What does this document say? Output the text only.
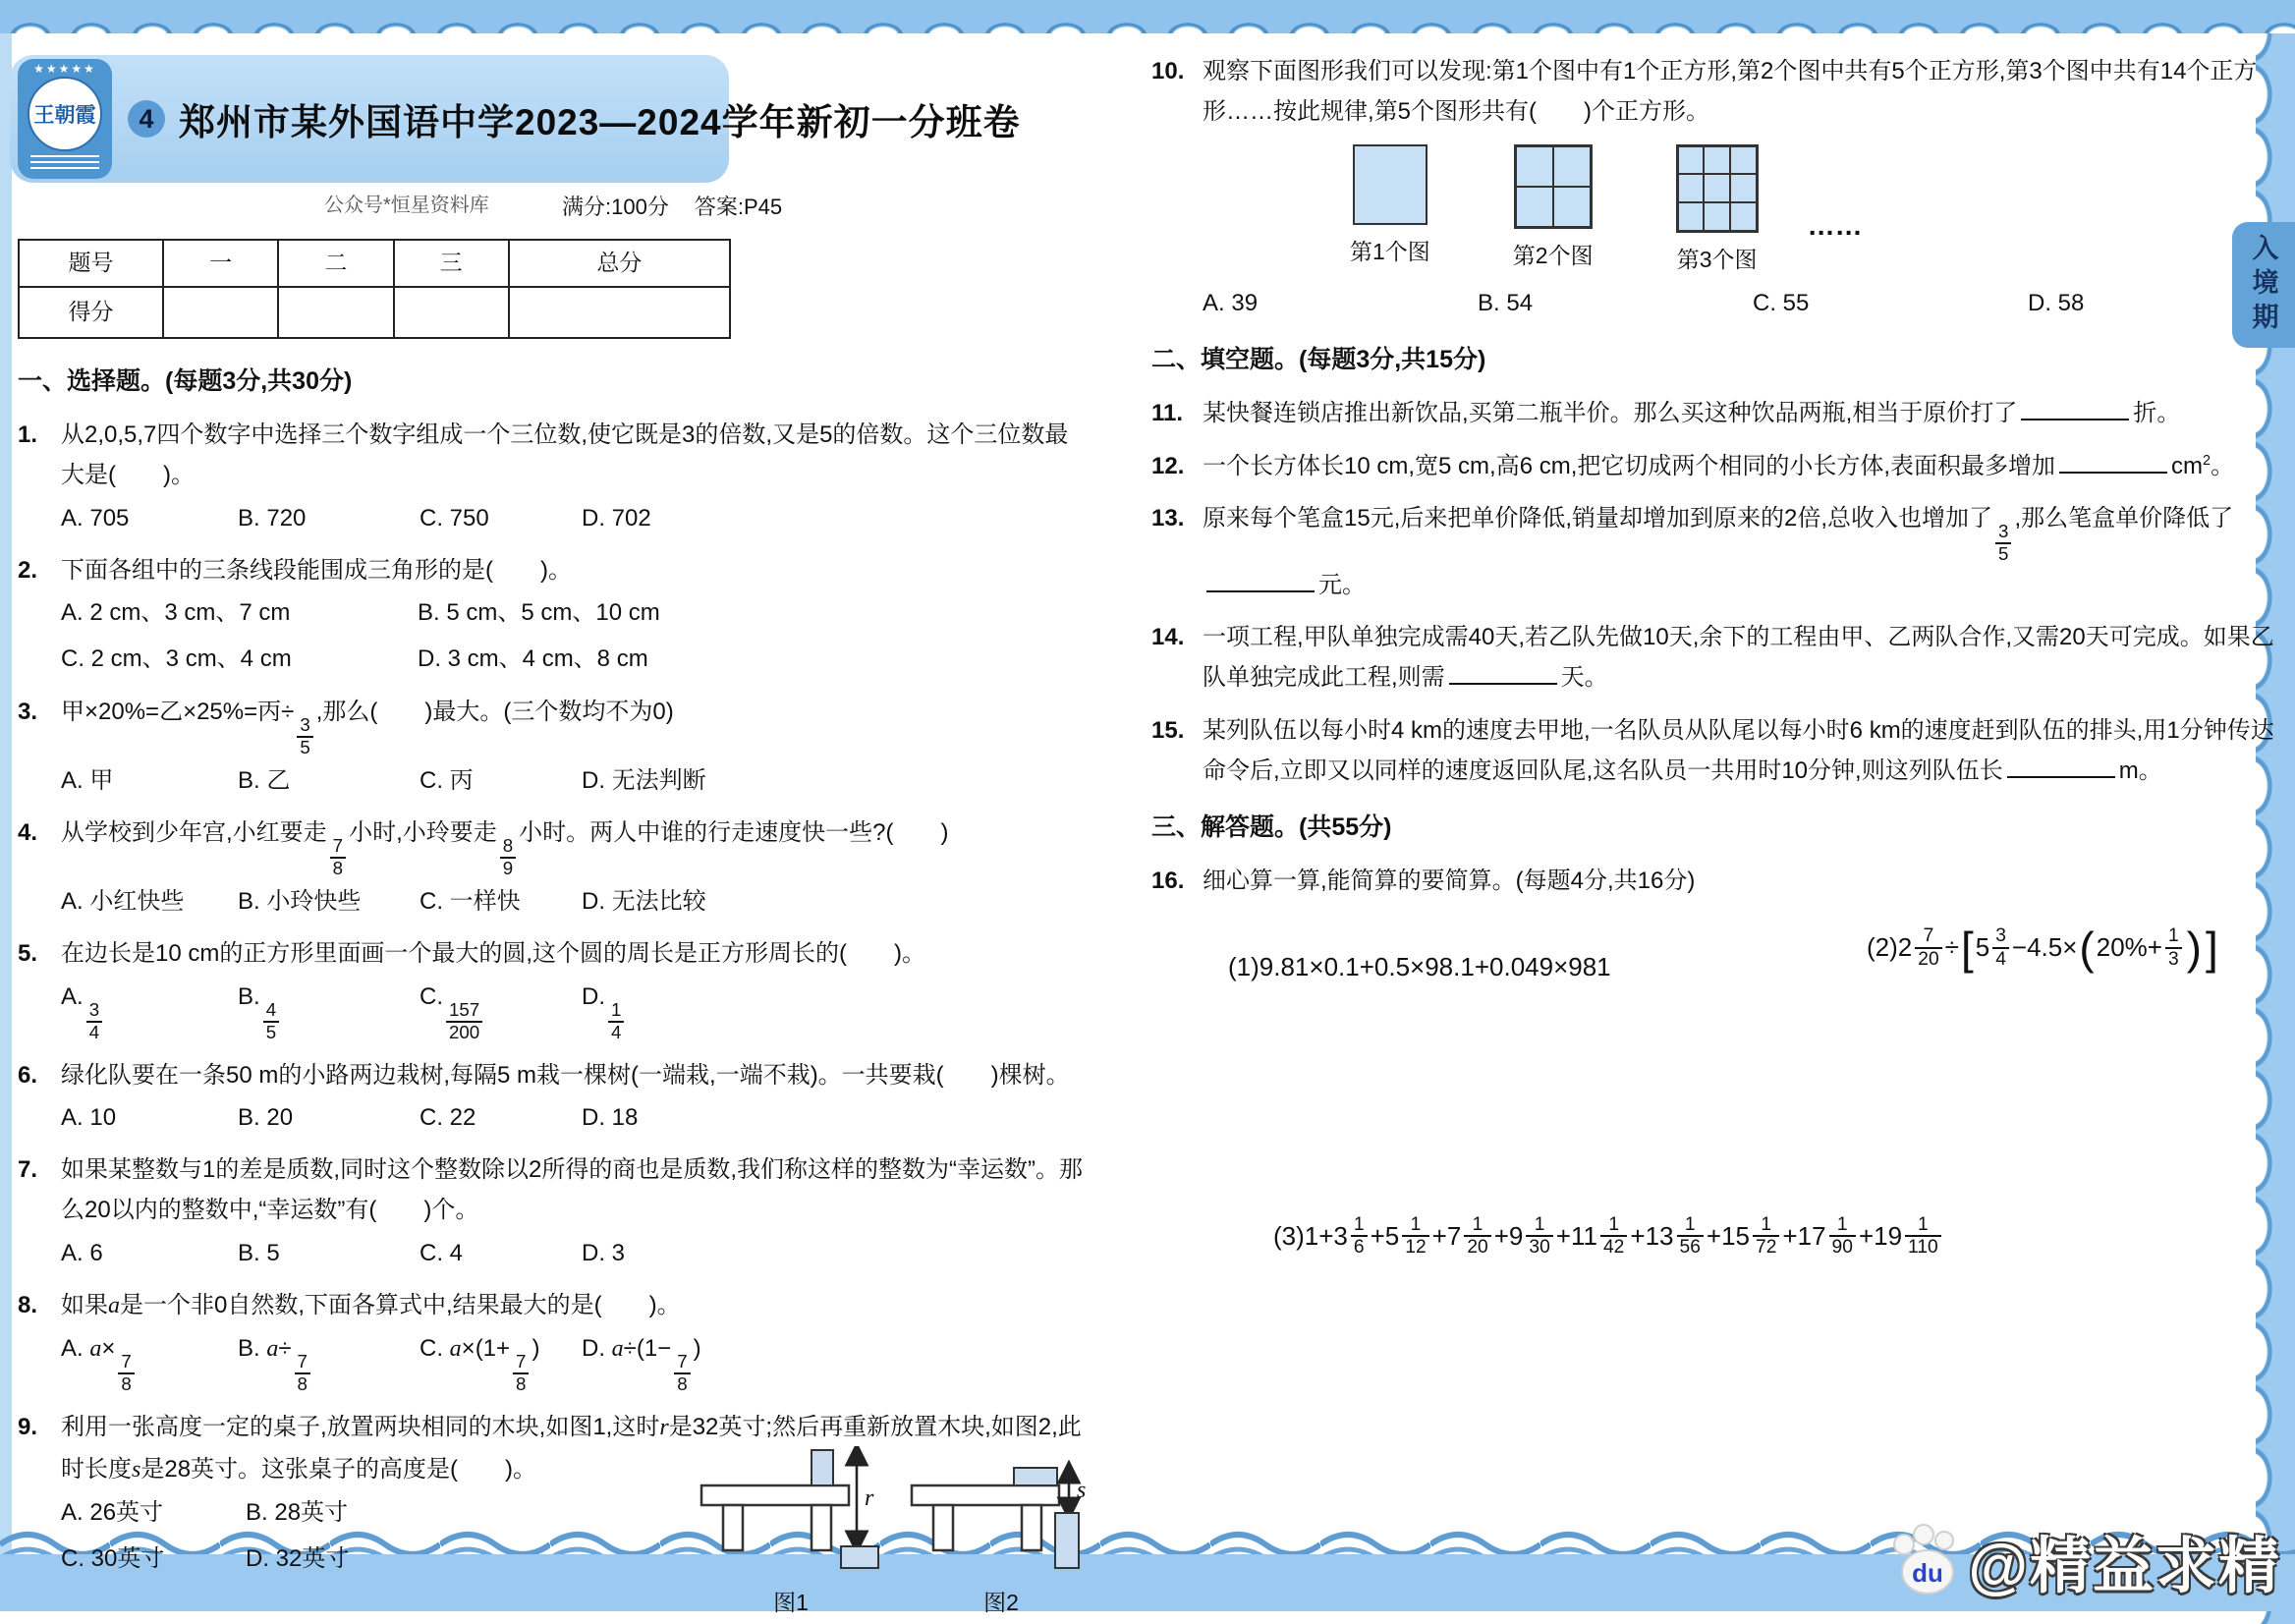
入境期
★★★★★
王朝霞	4 郑州市某外国语中学2023—2024学年新初一分班卷
公众号*恒星资料库	满分:100分 答案:P45
题号	一	二	三	总分
得分				
一、选择题。(每题3分,共30分)
1. 从2,0,5,7四个数字中选择三个数字组成一个三位数,使它既是3的倍数,又是5的倍数。这个三位数最大是(　　)。
A. 705	B. 720	C. 750	D. 702
2. 下面各组中的三条线段能围成三角形的是(　　)。
A. 2 cm、3 cm、7 cm	B. 5 cm、5 cm、10 cm
C. 2 cm、3 cm、4 cm	D. 3 cm、4 cm、8 cm
3. 甲×20%=乙×25%=丙÷
$\frac{3}{5}$
,那么(　　)最大。(三个数均不为0)
A. 甲	B. 乙	C. 丙	D. 无法判断
4. 从学校到少年宫,小红要走
$\frac{7}{8}$
小时,小玲要走
$\frac{8}{9}$
小时。两人中谁的行走速度快一些?(　　)
A. 小红快些	B. 小玲快些	C. 一样快	D. 无法比较
5. 在边长是10 cm的正方形里面画一个最大的圆,这个圆的周长是正方形周长的(　　)。
A.
$\frac{3}{4}$
B.
$\frac{4}{5}$
C.
$\frac{157}{200}$
D.
$\frac{1}{4}$
6. 绿化队要在一条50 m的小路两边栽树,每隔5 m栽一棵树(一端栽,一端不栽)。一共要栽(　　)棵树。
A. 10	B. 20	C. 22	D. 18
7. 如果某整数与1的差是质数,同时这个整数除以2所得的商也是质数,我们称这样的整数为“幸运数”。那么20以内的整数中,“幸运数”有(　　)个。
A. 6	B. 5	C. 4	D. 3
8. 如果a是一个非0自然数,下面各算式中,结果最大的是(　　)。
A. a×
$\frac{7}{8}$
B. a÷
$\frac{7}{8}$
C. a×(1+
$\frac{7}{8}$
)	D. a÷(1−
$\frac{7}{8}$
)
9. 利用一张高度一定的桌子,放置两块相同的木块,如图1,这时r是32英寸;然后再重新放置木块,如图2,此时长度s是28英寸。这张桌子的高度是(　　)。
A. 26英寸	B. 28英寸
C. 30英寸	D. 32英寸
r
图1
s
图2
10. 观察下面图形我们可以发现:第1个图中有1个正方形,第2个图中共有5个正方形,第3个图中共有14个正方形……按此规律,第5个图形共有(　　)个正方形。
第1个图	第2个图	第3个图
……
A. 39	B. 54	C. 55	D. 58
二、填空题。(每题3分,共15分)
11. 某快餐连锁店推出新饮品,买第二瓶半价。那么买这种饮品两瓶,相当于原价打了	折。
12. 一个长方体长10 cm,宽5 cm,高6 cm,把它切成两个相同的小长方体,表面积最多增加	$cm^2$。
13. 原来每个笔盒15元,后来把单价降低,销量却增加到原来的2倍,总收入也增加了
$\frac{3}{5}$
,那么笔盒单价降低了元。
14. 一项工程,甲队单独完成需40天,若乙队先做10天,余下的工程由甲、乙两队合作,又需20天可完成。如果乙队单独完成此工程,则需	天。
15. 某列队伍以每小时4 km的速度去甲地,一名队员从队尾以每小时6 km的速度赶到队伍的排头,用1分钟传达命令后,立即又以同样的速度返回队尾,这名队员一共用时10分钟,则这列队伍长	m。
三、解答题。(共55分)
16. 细心算一算,能简算的要简算。(每题4分,共16分)
(1) 9.81×0.1+0.5×98.1+0.049×981
(2) $2 \frac{7}{20}$ ÷ [ $5 \frac{3}{4} -4.5\times$ ( $20\%+ \frac{1}{3}$ ) ]
(3) $1 +3 \frac{1}{6} +5 \frac{1}{12} +7 \frac{1}{20} +9 \frac{1}{30} +11 \frac{1}{42} +13 \frac{1}{56} +15 \frac{1}{72} +17 \frac{1}{90} +19 \frac{1}{110}$
du @精益求精
